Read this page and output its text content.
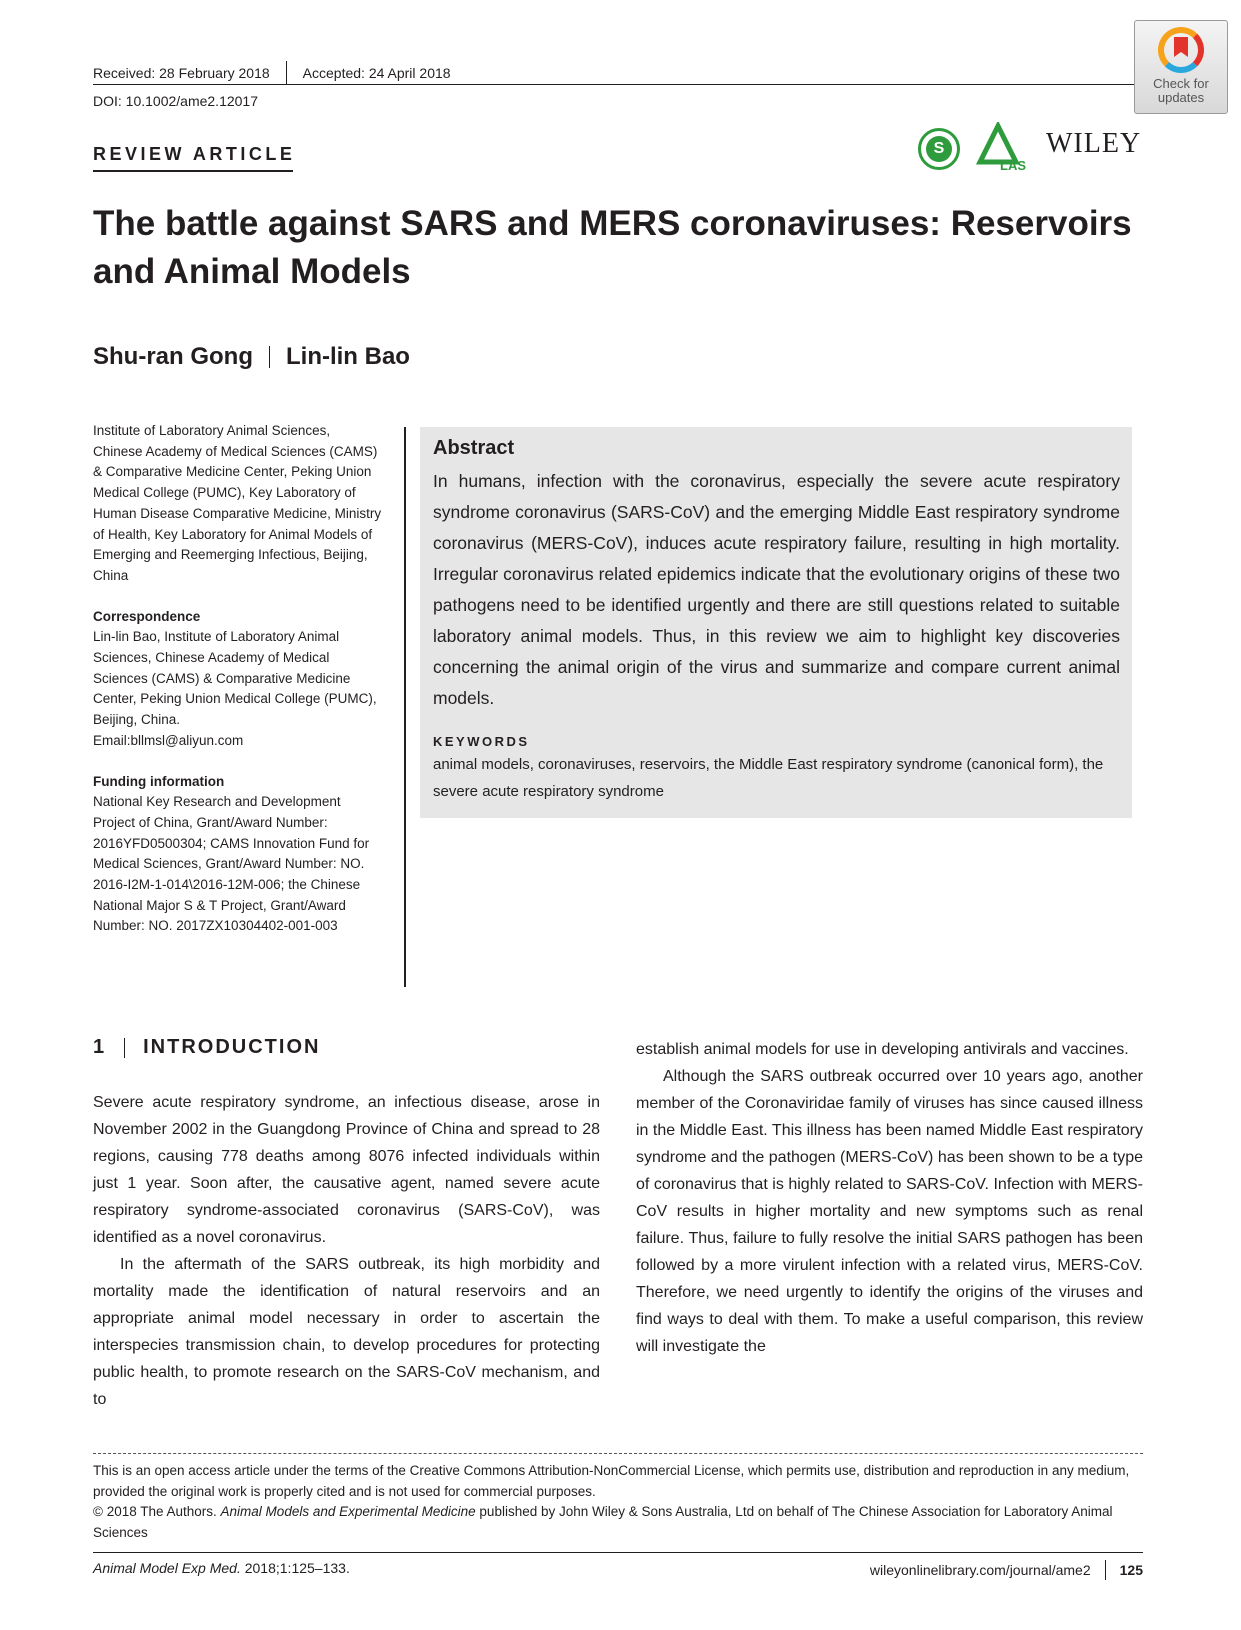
Received: 28 February 2018 Accepted: 24 April 2018
DOI: 10.1002/ame2.12017
Check for
updates
REVIEW ARTICLE	S
LAS
WILEY
The battle against SARS and MERS coronaviruses: Reservoirs and Animal Models
Shu-ran Gong Lin-lin Bao

Institute of Laboratory Animal Sciences, Chinese Academy of Medical Sciences (CAMS) & Comparative Medicine Center, Peking Union Medical College (PUMC), Key Laboratory of Human Disease Comparative Medicine, Ministry of Health, Key Laboratory for Animal Models of Emerging and Reemerging Infectious, Beijing, China

Correspondence

Lin-lin Bao, Institute of Laboratory Animal Sciences, Chinese Academy of Medical Sciences (CAMS) & Comparative Medicine Center, Peking Union Medical College (PUMC), Beijing, China.

Email:bllmsl@aliyun.com

Funding information

National Key Research and Development Project of China, Grant/Award Number: 2016YFD0500304; CAMS Innovation Fund for Medical Sciences, Grant/Award Number: NO. 2016-I2M-1-014\2016-12M-006; the Chinese National Major S & T Project, Grant/Award Number: NO. 2017ZX10304402-001-003

Abstract

In humans, infection with the coronavirus, especially the severe acute respiratory syndrome coronavirus (SARS-CoV) and the emerging Middle East respiratory syndrome coronavirus (MERS-CoV), induces acute respiratory failure, resulting in high mortality. Irregular coronavirus related epidemics indicate that the evolutionary origins of these two pathogens need to be identified urgently and there are still questions related to suitable laboratory animal models. Thus, in this review we aim to highlight key discoveries concerning the animal origin of the virus and summarize and compare current animal models.

KEYWORDS

animal models, coronaviruses, reservoirs, the Middle East respiratory syndrome (canonical form), the severe acute respiratory syndrome

1 INTRODUCTION

Severe acute respiratory syndrome, an infectious disease, arose in November 2002 in the Guangdong Province of China and spread to 28 regions, causing 778 deaths among 8076 infected individuals within just 1 year. Soon after, the causative agent, named severe acute respiratory syndrome-associated coronavirus (SARS-CoV), was identified as a novel coronavirus.

In the aftermath of the SARS outbreak, its high morbidity and mortality made the identification of natural reservoirs and an appropriate animal model necessary in order to ascertain the interspecies transmission chain, to develop procedures for protecting public health, to promote research on the SARS-CoV mechanism, and to

establish animal models for use in developing antivirals and vaccines.

Although the SARS outbreak occurred over 10 years ago, another member of the Coronaviridae family of viruses has since caused illness in the Middle East. This illness has been named Middle East respiratory syndrome and the pathogen (MERS-CoV) has been shown to be a type of coronavirus that is highly related to SARS-CoV. Infection with MERS-CoV results in higher mortality and new symptoms such as renal failure. Thus, failure to fully resolve the initial SARS pathogen has been followed by a more virulent infection with a related virus, MERS-CoV. Therefore, we need urgently to identify the origins of the viruses and find ways to deal with them. To make a useful comparison, this review will investigate the

This is an open access article under the terms of the Creative Commons Attribution-NonCommercial License, which permits use, distribution and reproduction in any medium, provided the original work is properly cited and is not used for commercial purposes.

© 2018 The Authors. Animal Models and Experimental Medicine published by John Wiley & Sons Australia, Ltd on behalf of The Chinese Association for Laboratory Animal Sciences

Animal Model Exp Med. 2018;1:125–133.	wileyonlinelibrary.com/journal/ame2 125
